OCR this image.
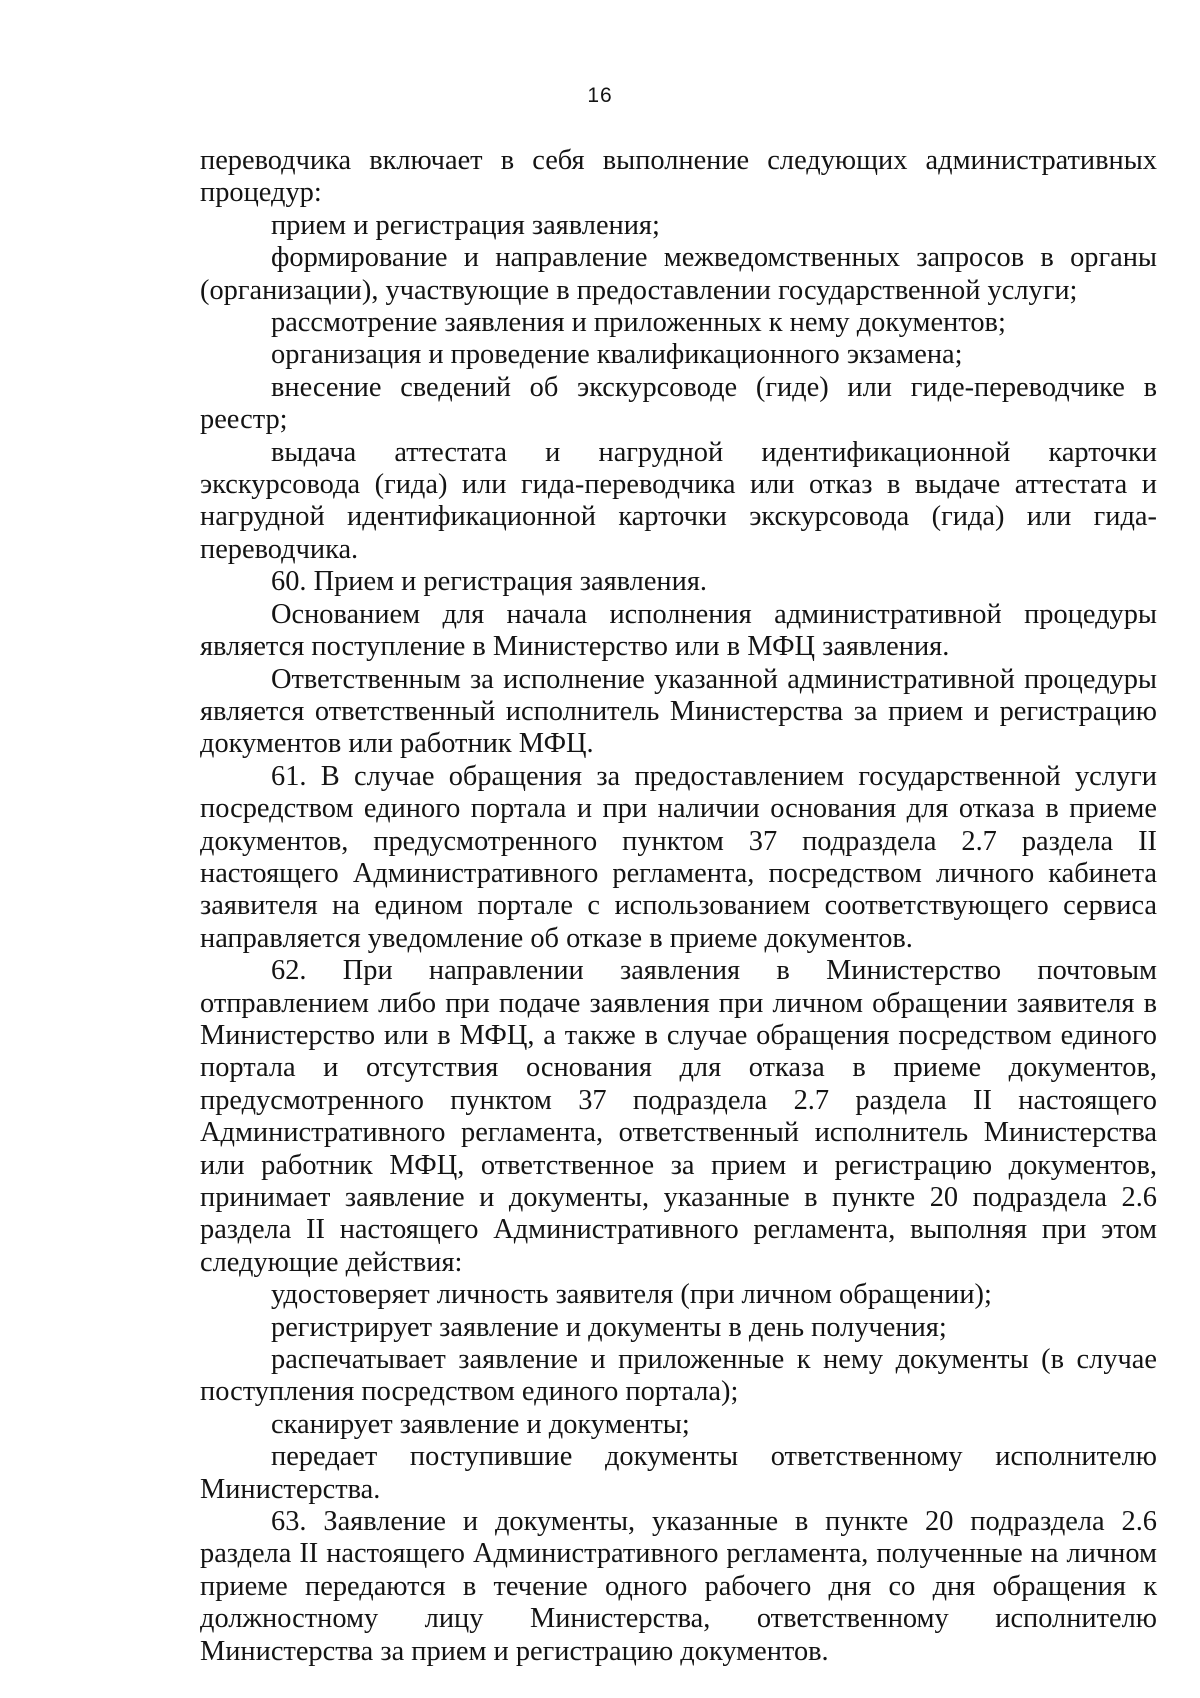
16

переводчика включает в себя выполнение следующих административных процедур:

прием и регистрация заявления;

формирование и направление межведомственных запросов в органы (организации), участвующие в предоставлении государственной услуги;

рассмотрение заявления и приложенных к нему документов;

организация и проведение квалификационного экзамена;

внесение сведений об экскурсоводе (гиде) или гиде-переводчике в реестр;

выдача аттестата и нагрудной идентификационной карточки экскурсовода (гида) или гида-переводчика или отказ в выдаче аттестата и нагрудной идентификационной карточки экскурсовода (гида) или гида-переводчика.

60. Прием и регистрация заявления.

Основанием для начала исполнения административной процедуры является поступление в Министерство или в МФЦ заявления.

Ответственным за исполнение указанной административной процедуры является ответственный исполнитель Министерства за прием и регистрацию документов или работник МФЦ.

61. В случае обращения за предоставлением государственной услуги посредством единого портала и при наличии основания для отказа в приеме документов, предусмотренного пунктом 37 подраздела 2.7 раздела II настоящего Административного регламента, посредством личного кабинета заявителя на едином портале с использованием соответствующего сервиса направляется уведомление об отказе в приеме документов.

62. При направлении заявления в Министерство почтовым отправлением либо при подаче заявления при личном обращении заявителя в Министерство или в МФЦ, а также в случае обращения посредством единого портала и отсутствия основания для отказа в приеме документов, предусмотренного пунктом 37 подраздела 2.7 раздела II настоящего Административного регламента, ответственный исполнитель Министерства или работник МФЦ, ответственное за прием и регистрацию документов, принимает заявление и документы, указанные в пункте 20 подраздела 2.6 раздела II настоящего Административного регламента, выполняя при этом следующие действия:

удостоверяет личность заявителя (при личном обращении);

регистрирует заявление и документы в день получения;

распечатывает заявление и приложенные к нему документы (в случае поступления посредством единого портала);

сканирует заявление и документы;

передает поступившие документы ответственному исполнителю Министерства.

63. Заявление и документы, указанные в пункте 20 подраздела 2.6 раздела II настоящего Административного регламента, полученные на личном приеме передаются в течение одного рабочего дня со дня обращения к должностному лицу Министерства, ответственному исполнителю Министерства за прием и регистрацию документов.
